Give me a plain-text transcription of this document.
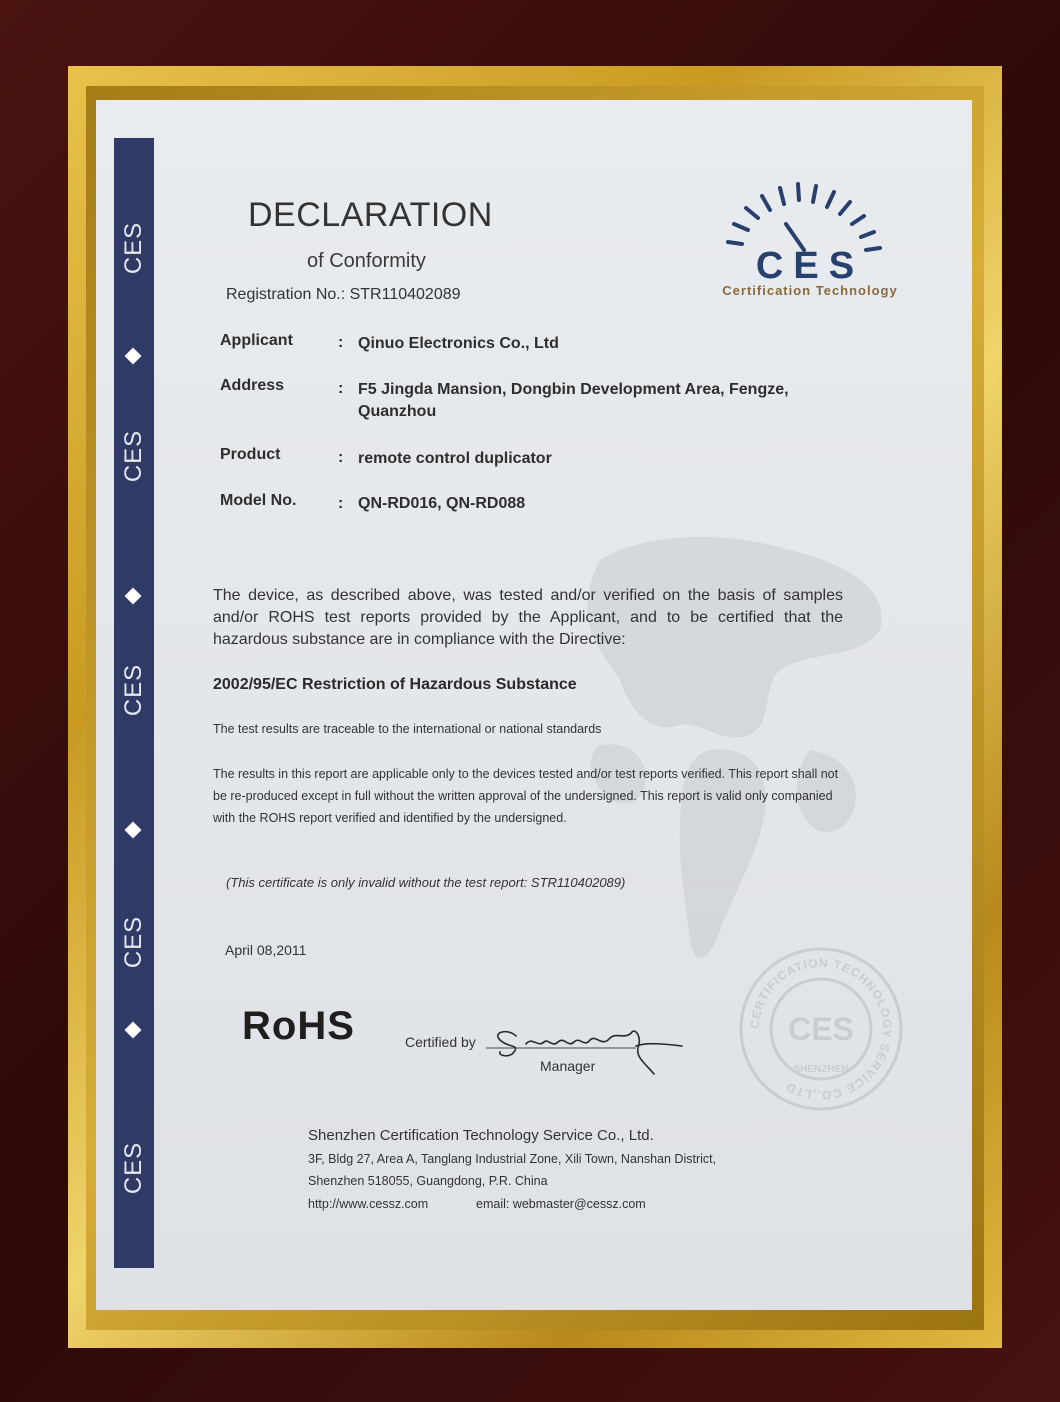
CES
CES
CES
CES
CES
DECLARATION
of Conformity
Registration No.: STR110402089
CES
Certification Technology
Applicant	: Qinuo Electronics Co., Ltd
Address	: F5 Jingda Mansion, Dongbin Development Area, Fengze,
Quanzhou
Product	: remote control duplicator
Model No.	: QN-RD016, QN-RD088
The device, as described above, was tested and/or verified on the basis of samples and/or ROHS test reports provided by the Applicant, and to be certified that the hazardous substance are in compliance with the Directive:
2002/95/EC Restriction of Hazardous Substance
The test results are traceable to the international or national standards
The results in this report are applicable only to the devices tested and/or test reports verified. This report shall not be re-produced except in full without the written approval of the undersigned. This report is valid only companied with the ROHS report verified and identified by the undersigned.
(This certificate is only invalid without the test report: STR110402089)
April 08,2011
RoHS	Certified by
Manager
CERTIFICATION TECHNOLOGY SERVICE CO.,LTD
CES
SHENZHEN
Shenzhen Certification Technology Service Co., Ltd.
3F, Bldg 27, Area A, Tanglang Industrial Zone, Xili Town, Nanshan District,
Shenzhen 518055, Guangdong, P.R. China
http://www.cessz.com	email: webmaster@cessz.com
